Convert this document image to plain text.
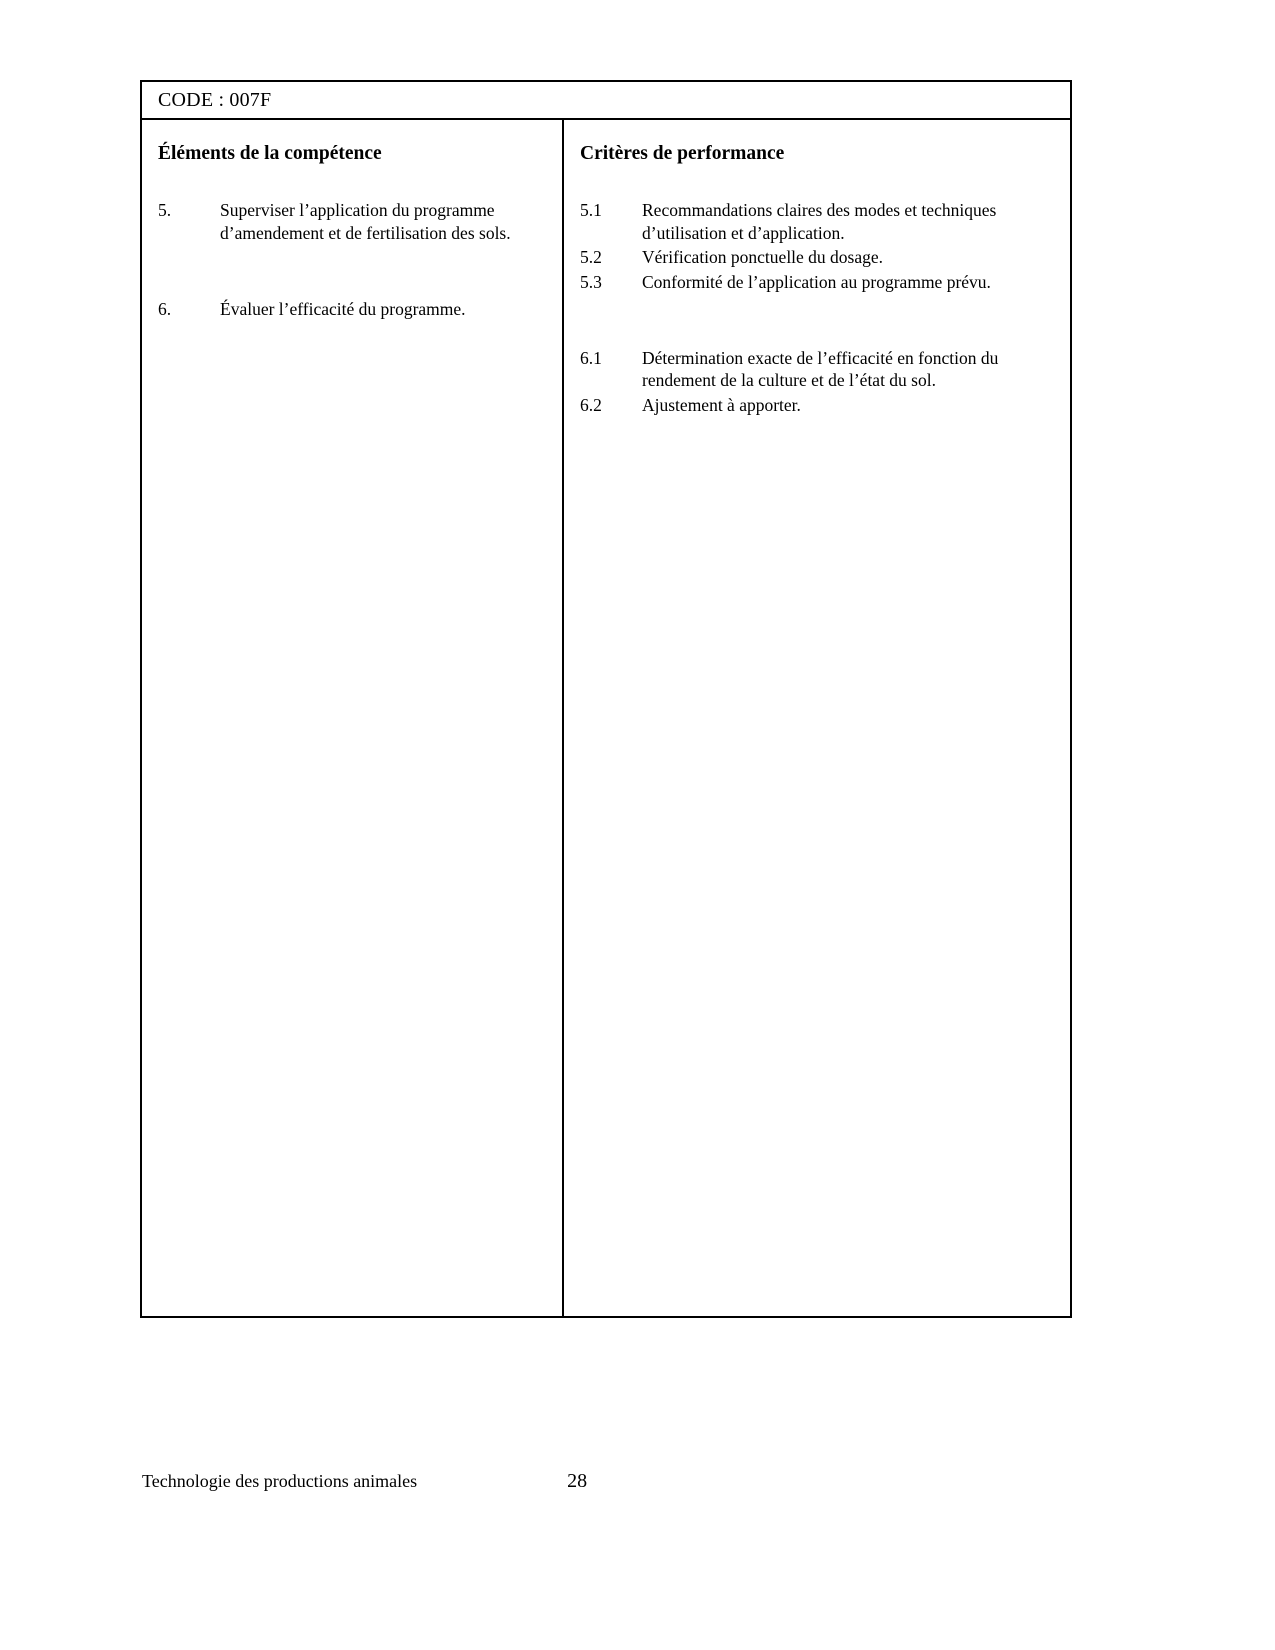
CODE : 007F
Éléments de la compétence
5.	Superviser l’application du programme d’amendement et de fertilisation des sols.
6.	Évaluer l’efficacité du programme.
Critères de performance
5.1	Recommandations claires des modes et techniques d’utilisation et d’application.
5.2	Vérification ponctuelle du dosage.
5.3	Conformité de l’application au programme prévu.
6.1	Détermination exacte de l’efficacité en fonction du rendement de la culture et de l’état du sol.
6.2	Ajustement à apporter.
Technologie des productions animales	28
